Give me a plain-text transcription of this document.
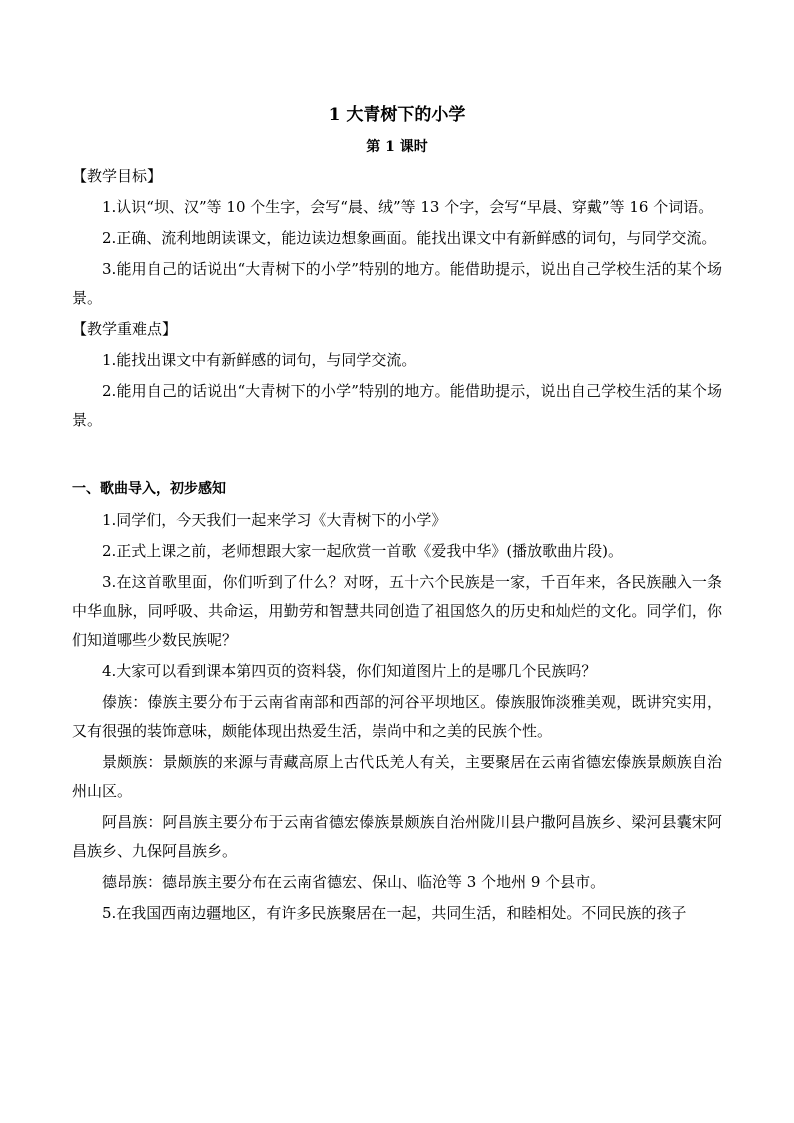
1 大青树下的小学

第 1 课时

【教学目标】

1.认识“坝、汉”等 10 个生字，会写“晨、绒”等 13 个字，会写“早晨、穿戴”等 16 个词语。

2.正确、流利地朗读课文，能边读边想象画面。能找出课文中有新鲜感的词句，与同学交流。

3.能用自己的话说出“大青树下的小学”特别的地方。能借助提示，说出自己学校生活的某个场景。

【教学重难点】

1.能找出课文中有新鲜感的词句，与同学交流。

2.能用自己的话说出“大青树下的小学”特别的地方。能借助提示，说出自己学校生活的某个场景。

一、歌曲导入，初步感知

1.同学们，今天我们一起来学习《大青树下的小学》

2.正式上课之前，老师想跟大家一起欣赏一首歌《爱我中华》(播放歌曲片段)。

3.在这首歌里面，你们听到了什么？对呀，五十六个民族是一家，千百年来，各民族融入一条中华血脉，同呼吸、共命运，用勤劳和智慧共同创造了祖国悠久的历史和灿烂的文化。同学们，你们知道哪些少数民族呢？

4.大家可以看到课本第四页的资料袋，你们知道图片上的是哪几个民族吗？

傣族：傣族主要分布于云南省南部和西部的河谷平坝地区。傣族服饰淡雅美观，既讲究实用，又有很强的装饰意味，颇能体现出热爱生活，崇尚中和之美的民族个性。

景颇族：景颇族的来源与青藏高原上古代氐羌人有关，主要聚居在云南省德宏傣族景颇族自治州山区。

阿昌族：阿昌族主要分布于云南省德宏傣族景颇族自治州陇川县户撒阿昌族乡、梁河县囊宋阿昌族乡、九保阿昌族乡。

德昂族：德昂族主要分布在云南省德宏、保山、临沧等 3 个地州 9 个县市。

5.在我国西南边疆地区，有许多民族聚居在一起，共同生活，和睦相处。不同民族的孩子
